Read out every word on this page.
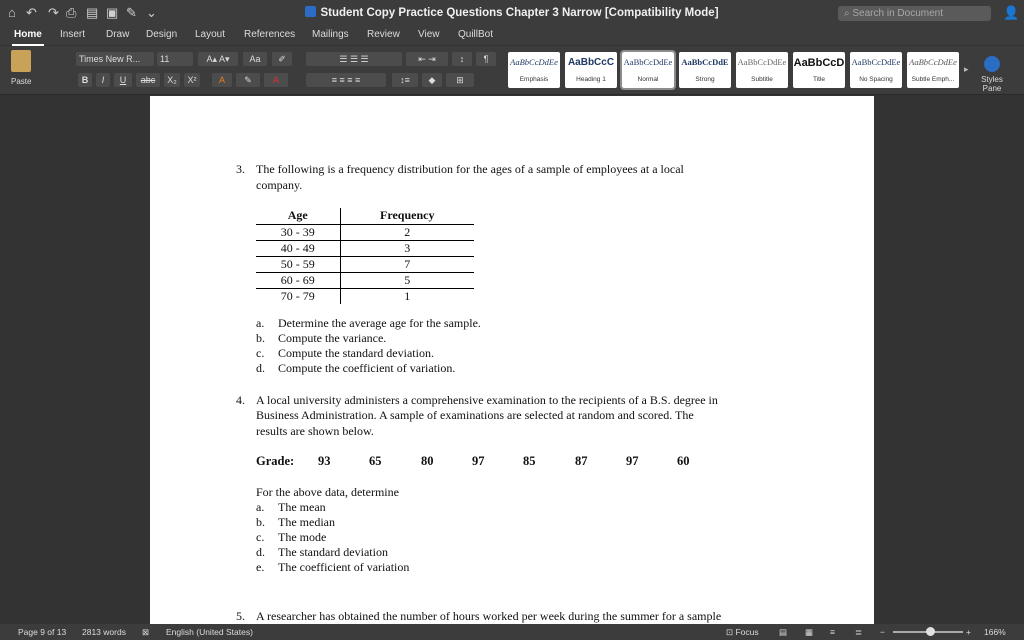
⌂ ↶ ↷ ⎙ ▤ ▣ ✎ ⌄	Student Copy Practice Questions Chapter 3 Narrow [Compatibility Mode]	⌕ Search in Document	👤
Home Insert Draw Design Layout References Mailings Review View QuillBot
Times New R...	11	A▴ A▾	Aa	✐	☰ ☰ ☰	⇤ ⇥	↕	¶
B	I	U	abc	X₂	X²	A	✎	A	≡ ≡ ≡ ≡	↕≡	◆	⊞
Paste
AaBbCcDdEe
Emphasis
AaBbCcC
Heading 1
AaBbCcDdEe
Normal
AaBbCcDdE
Strong
AaBbCcDdEe
Subtitle
AaBbCcD
Title
AaBbCcDdEe
No Spacing
AaBbCcDdEe
Subtle Emph...
▸
Styles Pane
3. The following is a frequency distribution for the ages of a sample of employees at a local
company.
Age	Frequency
30 - 39	2
40 - 49	3
50 - 59	7
60 - 69	5
70 - 79	1
a. Determine the average age for the sample.
b. Compute the variance.
c. Compute the standard deviation.
d. Compute the coefficient of variation.
4. A local university administers a comprehensive examination to the recipients of a B.S. degree in
Business Administration. A sample of examinations are selected at random and scored. The
results are shown below.
Grade: 93	65	80	97	85	87	97	60
For the above data, determine
a. The mean
b. The median
c. The mode
d. The standard deviation
e. The coefficient of variation
5. A researcher has obtained the number of hours worked per week during the summer for a sample
Page 9 of 13 2813 words ⊠ English (United States)	⊡ Focus ▤ ▦ ≡ ≣ −	+ 166%
